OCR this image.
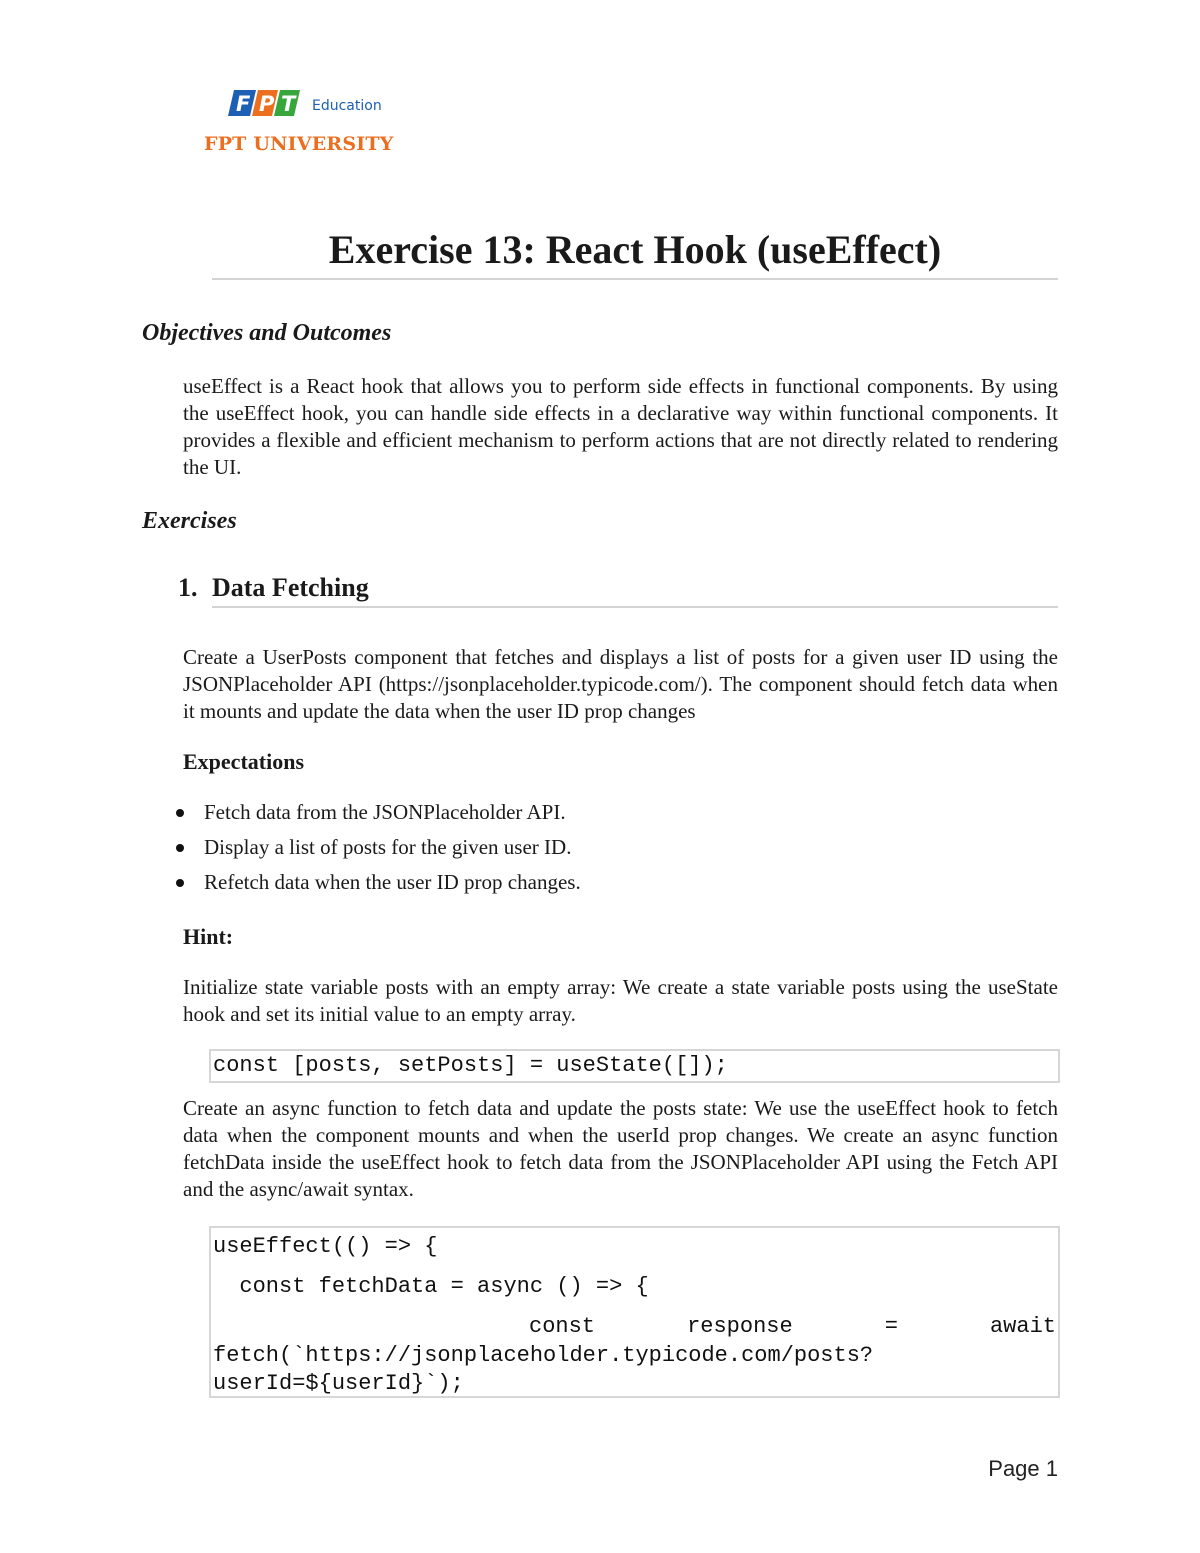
F P T Education
FPT UNIVERSITY
Exercise 13: React Hook (useEffect)
Objectives and Outcomes
useEffect is a React hook that allows you to perform side effects in functional components. By using the useEffect hook, you can handle side effects in a declarative way within functional components. It provides a flexible and efficient mechanism to perform actions that are not directly related to rendering the UI.
Exercises
1. Data Fetching
Create a UserPosts component that fetches and displays a list of posts for a given user ID using the JSONPlaceholder API (https://jsonplaceholder.typicode.com/). The component should fetch data when it mounts and update the data when the user ID prop changes
Expectations
Fetch data from the JSONPlaceholder API.
Display a list of posts for the given user ID.
Refetch data when the user ID prop changes.
Hint:
Initialize state variable posts with an empty array: We create a state variable posts using the useState hook and set its initial value to an empty array.
const [posts, setPosts] = useState([]);
Create an async function to fetch data and update the posts state: We use the useEffect hook to fetch data when the component mounts and when the userId prop changes. We create an async function fetchData inside the useEffect hook to fetch data from the JSONPlaceholder API using the Fetch API and the async/await syntax.
useEffect(() => {
const fetchData = async () => {
const	response	=	await
fetch(`https://jsonplaceholder.typicode.com/posts?
userId=${userId}`);
Page 1
